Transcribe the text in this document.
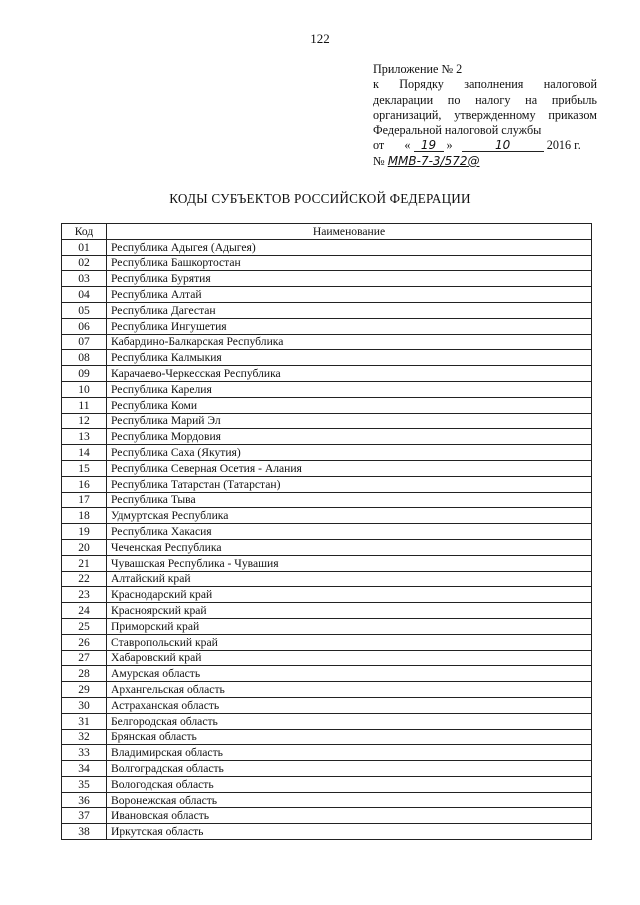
122
Приложение № 2
к Порядку заполнения налоговой
декларации по налогу на прибыль
организаций, утвержденному приказом
Федеральной налоговой службы
от « 19 »	10	2016 г.
№ ММВ-7-3/572@
КОДЫ СУБЪЕКТОВ РОССИЙСКОЙ ФЕДЕРАЦИИ
Код	Наименование
01	Республика Адыгея (Адыгея)
02	Республика Башкортостан
03	Республика Бурятия
04	Республика Алтай
05	Республика Дагестан
06	Республика Ингушетия
07	Кабардино-Балкарская Республика
08	Республика Калмыкия
09	Карачаево-Черкесская Республика
10	Республика Карелия
11	Республика Коми
12	Республика Марий Эл
13	Республика Мордовия
14	Республика Саха (Якутия)
15	Республика Северная Осетия - Алания
16	Республика Татарстан (Татарстан)
17	Республика Тыва
18	Удмуртская Республика
19	Республика Хакасия
20	Чеченская Республика
21	Чувашская Республика - Чувашия
22	Алтайский край
23	Краснодарский край
24	Красноярский край
25	Приморский край
26	Ставропольский край
27	Хабаровский край
28	Амурская область
29	Архангельская область
30	Астраханская область
31	Белгородская область
32	Брянская область
33	Владимирская область
34	Волгоградская область
35	Вологодская область
36	Воронежская область
37	Ивановская область
38	Иркутская область
